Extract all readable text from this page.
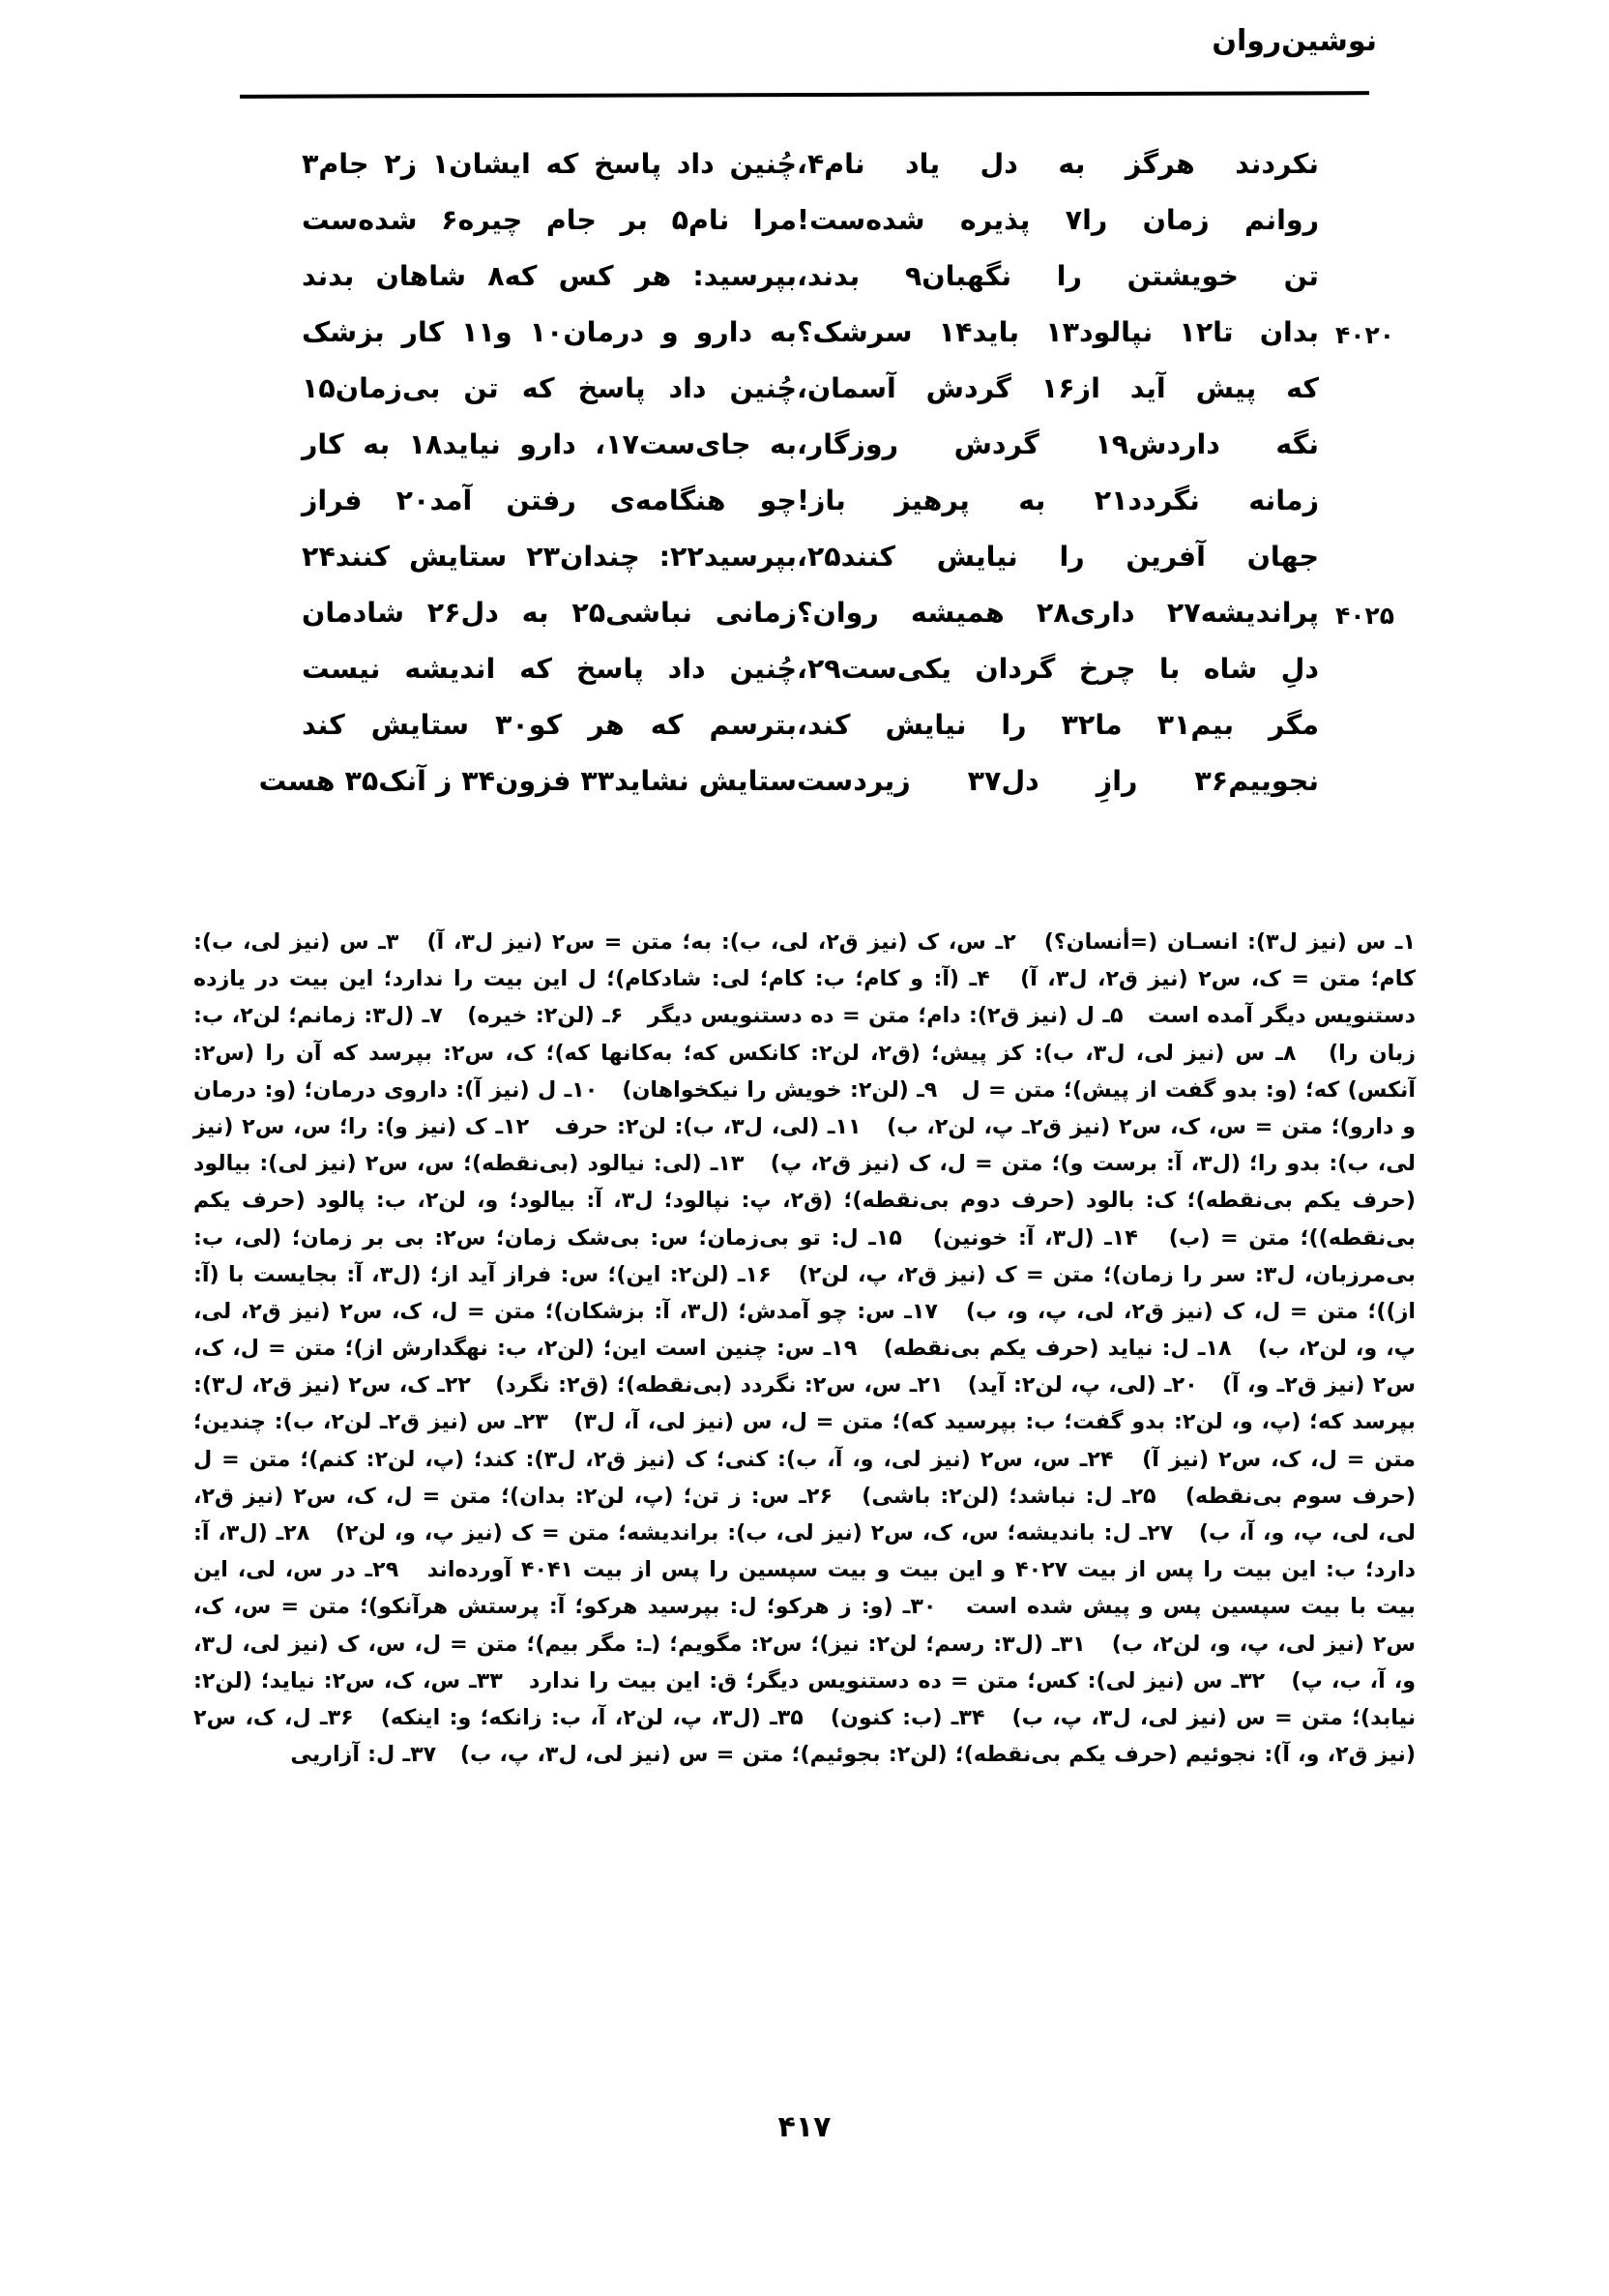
نوشین‌روان
نکردند هرگز به دل یاد نام۴،
چُنین داد پاسخ که ایشان۱ ز۲ جام۳
روانم زمان را۷ پذیره شده‌ست!
مرا نام۵ بر جام چیره۶ شده‌ست
تن خویشتن را نگهبان۹ بدند،
بپرسید: هر کس که۸ شاهان بدند
۴۰۲۰
بدان تا۱۲ نپالود۱۳ باید۱۴ سرشک؟
به دارو و درمان۱۰ و۱۱ کار بزشک
که پیش آید از۱۶ گردش آسمان،
چُنین داد پاسخ که تن بی‌زمان۱۵
نگه داردش۱۹ گردش روزگار،
به جای‌ست۱۷، دارو نیاید۱۸ به کار
زمانه نگردد۲۱ به پرهیز باز!
چو هنگامه‌ی رفتن آمد۲۰ فراز
جهان آفرین را نیایش کنند۲۵،
بپرسید۲۲: چندان۲۳ ستایش کنند۲۴
۴۰۲۵
پراندیشه۲۷ داری۲۸ همیشه روان؟
زمانی نباشی۲۵ به دل۲۶ شادمان
دلِ شاه با چرخ گردان یکی‌ست۲۹،
چُنین داد پاسخ که اندیشه نیست
مگر بیم۳۱ ما۳۲ را نیایش کند،
بترسم که هر کو۳۰ ستایش کند
نجوییم۳۶ رازِ دل۳۷ زیردست
ستایش نشاید۳۳ فزون۳۴ ز آنک۳۵ هست
۱ـ س (نیز ل۳): انسـان (=أنسان؟) ۲ـ س، ک (نیز ق۲، لی، ب): به؛ متن = س۲ (نیز ل۳، آ) ۳ـ س (نیز لی، ب): کام؛ متن = ک، س۲ (نیز ق۲، ل۳، آ) ۴ـ (آ: و کام؛ ب: کام؛ لی: شادکام)؛ ل این بیت را ندارد؛ این بیت در یازده دستنویس دیگر آمده است ۵ـ ل (نیز ق۲): دام؛ متن = ده دستنویس دیگر ۶ـ (لن۲: خیره) ۷ـ (ل۳: زمانم؛ لن۲، ب: زبان را) ۸ـ س (نیز لی، ل۳، ب): کز پیش؛ (ق۲، لن۲: کانکس که؛ به‌کانها که)؛ ک، س۲: بپرسد که آن را (س۲: آنکس) که؛ (و: بدو گفت از پیش)؛ متن = ل ۹ـ (لن۲: خویش را نیکخواهان) ۱۰ـ ل (نیز آ): داروی درمان؛ (و: درمان و دارو)؛ متن = س، ک، س۲ (نیز ق۲ـ پ، لن۲، ب) ۱۱ـ (لی، ل۳، ب): لن۲: حرف ۱۲ـ ک (نیز و): را؛ س، س۲ (نیز لی، ب): بدو را؛ (ل۳، آ: برست و)؛ متن = ل، ک (نیز ق۲، پ) ۱۳ـ (لی: نیالود (بی‌نقطه)؛ س، س۲ (نیز لی): بیالود (حرف یکم بی‌نقطه)؛ ک: بالود (حرف دوم بی‌نقطه)؛ (ق۲، پ: نپالود؛ ل۳، آ: بیالود؛ و، لن۲، ب: پالود (حرف یکم بی‌نقطه))؛ متن = (ب) ۱۴ـ (ل۳، آ: خونین) ۱۵ـ ل: تو بی‌زمان؛ س: بی‌شک زمان؛ س۲: بی بر زمان؛ (لی، ب: بی‌مرزبان، ل۳: سر را زمان)؛ متن = ک (نیز ق۲، پ، لن۲) ۱۶ـ (لن۲: این)؛ س: فراز آید از؛ (ل۳، آ: بجایست با (آ: از))؛ متن = ل، ک (نیز ق۲، لی، پ، و، ب) ۱۷ـ س: چو آمدش؛ (ل۳، آ: بزشکان)؛ متن = ل، ک، س۲ (نیز ق۲، لی، پ، و، لن۲، ب) ۱۸ـ ل: نیاید (حرف یکم بی‌نقطه) ۱۹ـ س: چنین است این؛ (لن۲، ب: نهگدارش از)؛ متن = ل، ک، س۲ (نیز ق۲ـ و، آ) ۲۰ـ (لی، پ، لن۲: آید) ۲۱ـ س، س۲: نگردد (بی‌نقطه)؛ (ق۲: نگرد) ۲۲ـ ک، س۲ (نیز ق۲، ل۳): بپرسد که؛ (پ، و، لن۲: بدو گفت؛ ب: بپرسید که)؛ متن = ل، س (نیز لی، آ، ل۳) ۲۳ـ س (نیز ق۲ـ لن۲، ب): چندین؛ متن = ل، ک، س۲ (نیز آ) ۲۴ـ س، س۲ (نیز لی، و، آ، ب): کنی؛ ک (نیز ق۲، ل۳): کند؛ (پ، لن۲: کنم)؛ متن = ل (حرف سوم بی‌نقطه) ۲۵ـ ل: نباشد؛ (لن۲: باشی) ۲۶ـ س: ز تن؛ (پ، لن۲: بدان)؛ متن = ل، ک، س۲ (نیز ق۲، لی، لی، پ، و، آ، ب) ۲۷ـ ل: باندیشه؛ س، ک، س۲ (نیز لی، ب): براندیشه؛ متن = ک (نیز پ، و، لن۲) ۲۸ـ (ل۳، آ: دارد؛ ب: این بیت را پس از بیت ۴۰۲۷ و این بیت و بیت سپسین را پس از بیت ۴۰۴۱ آورده‌اند ۲۹ـ در س، لی، این بیت با بیت سپسین پس و پیش شده است ۳۰ـ (و: ز هرکو؛ ل: بپرسید هرکو؛ آ: پرستش هرآنکو)؛ متن = س، ک، س۲ (نیز لی، پ، و، لن۲، ب) ۳۱ـ (ل۳: رسم؛ لن۲: نیز)؛ س۲: مگویم؛ (ـ: مگر بیم)؛ متن = ل، س، ک (نیز لی، ل۳، و، آ، ب، پ) ۳۲ـ س (نیز لی): کس؛ متن = ده دستنویس دیگر؛ ق: این بیت را ندارد ۳۳ـ س، ک، س۲: نیاید؛ (لن۲: نیابد)؛ متن = س (نیز لی، ل۳، پ، ب) ۳۴ـ (ب: کنون) ۳۵ـ (ل۳، پ، لن۲، آ، ب: زانکه؛ و: اینکه) ۳۶ـ ل، ک، س۲ (نیز ق۲، و، آ): نجوئیم (حرف یکم بی‌نقطه)؛ (لن۲: بجوئیم)؛ متن = س (نیز لی، ل۳، پ، ب) ۳۷ـ ل: آزاریی
۴۱۷
